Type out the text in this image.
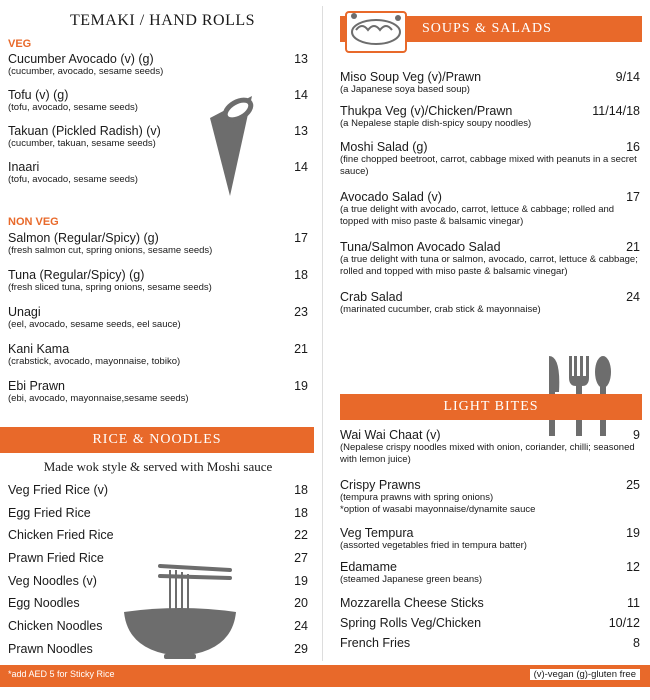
TEMAKI / HAND ROLLS
VEG
Cucumber Avocado (v) (g)	13
(cucumber, avocado, sesame seeds)
Tofu (v) (g)	14
(tofu, avocado, sesame seeds)
Takuan (Pickled Radish) (v)	13
(cucumber, takuan, sesame seeds)
Inaari	14
(tofu, avocado, sesame seeds)
NON VEG
Salmon (Regular/Spicy) (g)	17
(fresh salmon cut, spring onions, sesame seeds)
Tuna (Regular/Spicy) (g)	18
(fresh sliced tuna, spring onions, sesame seeds)
Unagi	23
(eel, avocado, sesame seeds, eel sauce)
Kani Kama	21
(crabstick, avocado, mayonnaise, tobiko)
Ebi Prawn	19
(ebi, avocado, mayonnaise,sesame seeds)
RICE & NOODLES
Made wok style & served with Moshi sauce
Veg Fried Rice (v)	18
Egg Fried Rice	18
Chicken Fried Rice	22
Prawn Fried Rice	27
Veg Noodles (v)	19
Egg Noodles	20
Chicken Noodles	24
Prawn Noodles	29
SOUPS & SALADS
Miso Soup Veg (v)/Prawn	9/14
(a Japanese soya based soup)
Thukpa Veg (v)/Chicken/Prawn	11/14/18
(a Nepalese staple dish-spicy soupy noodles)
Moshi Salad (g)	16
(fine chopped beetroot, carrot, cabbage mixed with peanuts in a secret sauce)
Avocado Salad (v)	17
(a true delight with avocado, carrot, lettuce & cabbage; rolled and topped with miso paste & balsamic vinegar)
Tuna/Salmon Avocado Salad	21
(a true delight with tuna or salmon, avocado, carrot, lettuce & cabbage; rolled and topped with miso paste & balsamic vinegar)
Crab Salad	24
(marinated cucumber, crab stick & mayonnaise)
LIGHT BITES
Wai Wai Chaat (v)	9
(Nepalese crispy noodles mixed with onion, coriander, chilli; seasoned with lemon juice)
Crispy Prawns	25
(tempura prawns with spring onions)
*option of wasabi mayonnaise/dynamite sauce
Veg Tempura	19
(assorted vegetables fried in tempura batter)
Edamame	12
(steamed Japanese green beans)
Mozzarella Cheese Sticks	11
Spring Rolls Veg/Chicken	10/12
French Fries	8
*add AED 5 for Sticky Rice	(v)-vegan (g)-gluten free
